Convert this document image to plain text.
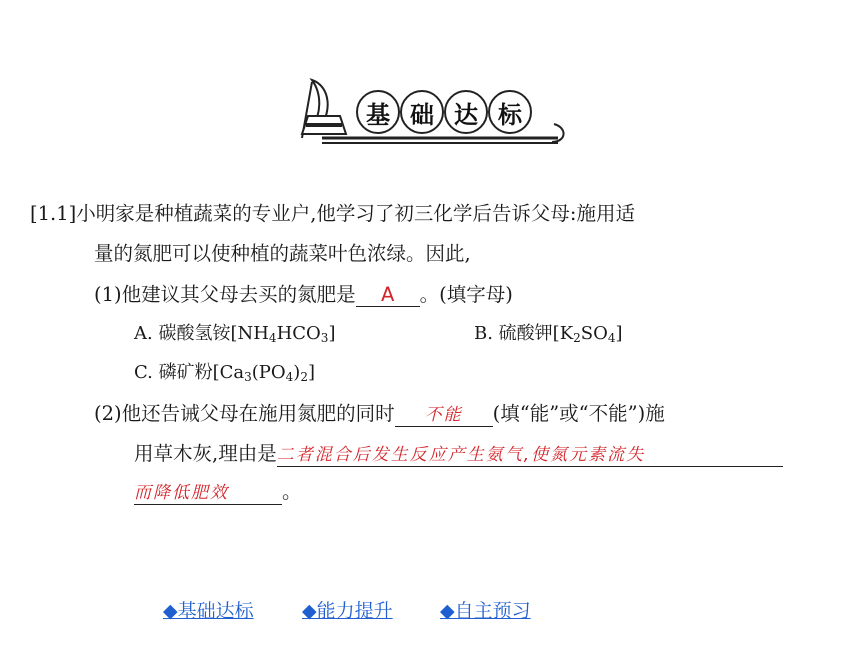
基 础 达 标
[1.1]小明家是种植蔬菜的专业户,他学习了初三化学后告诉父母:施用适
量的氮肥可以使种植的蔬菜叶色浓绿。因此,
(1)他建议其父母去买的氮肥是 A 。(填字母)
A. 碳酸氢铵$[NH_4HCO_3]$	B. 硫酸钾$[K_2SO_4]$
C. 磷矿粉$[Ca_3(PO_4)_2]$
(2)他还告诫父母在施用氮肥的同时 不能 (填“能”或“不能”)施
用草木灰,理由是二者混合后发生反应产生氨气,使氮元素流失
而降低肥效	。
◆基础达标	◆能力提升 ◆自主预习
